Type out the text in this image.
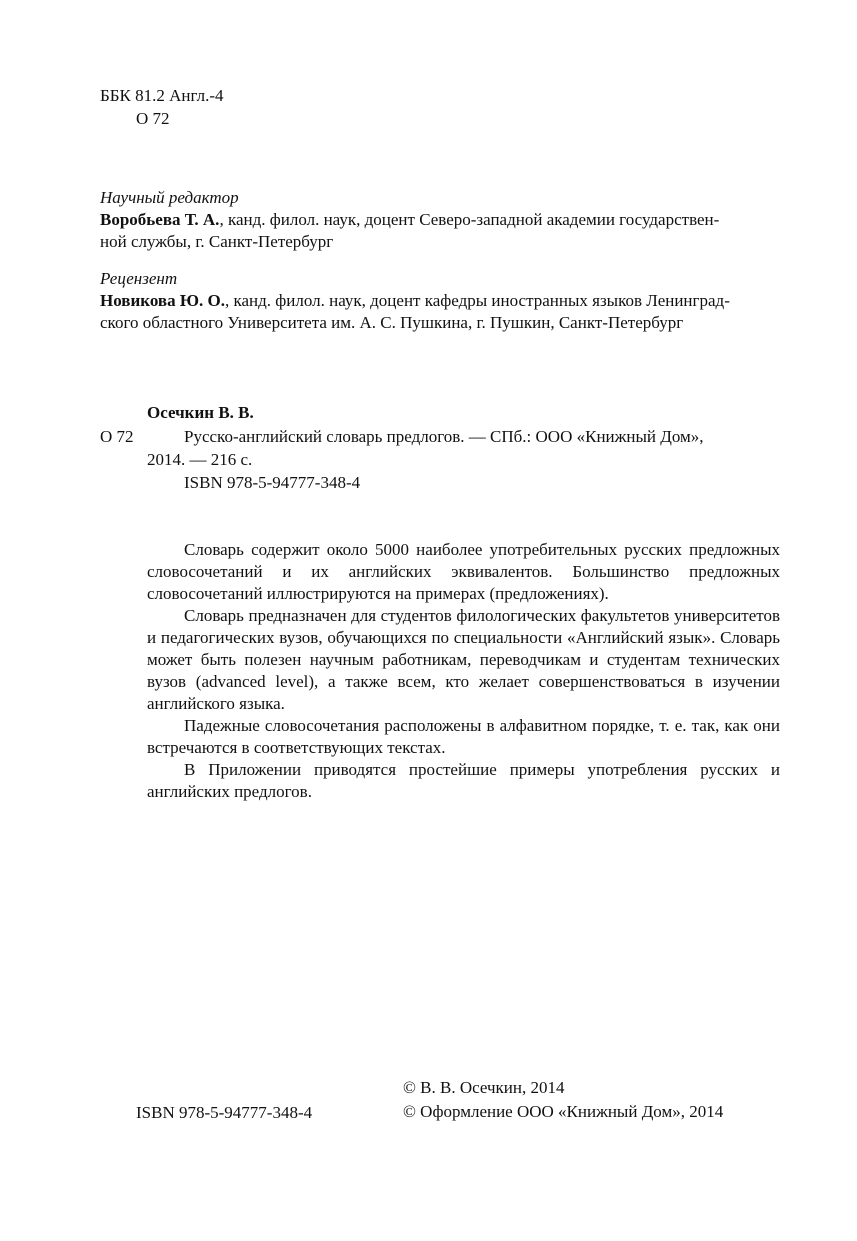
ББК 81.2 Англ.-4

О 72

Научный редактор

Воробьева Т. А., канд. филол. наук, доцент Северо-западной академии государствен-
ной службы, г. Санкт-Петербург

Рецензент

Новикова Ю. О., канд. филол. наук, доцент кафедры иностранных языков Ленинград-
ского областного Университета им. А. С. Пушкина, г. Пушкин, Санкт-Петербург

Осечкин В. В.

О 72	Русско-английский словарь предлогов. — СПб.: ООО «Книжный Дом»,

2014. — 216 с.

ISBN 978-5-94777-348-4

Словарь содержит около 5000 наиболее употребительных русских предложных словосочетаний и их английских эквивалентов. Большинство предложных словосочетаний иллюстрируются на примерах (предложениях).

Словарь предназначен для студентов филологических факультетов университетов и педагогических вузов, обучающихся по специальности «Английский язык». Словарь может быть полезен научным работникам, переводчикам и студентам технических вузов (advanced level), а также всем, кто желает совершенствоваться в изучении английского языка.

Падежные словосочетания расположены в алфавитном порядке, т. е. так, как они встречаются в соответствующих текстах.

В Приложении приводятся простейшие примеры употребления русских и английских предлогов.

ISBN 978-5-94777-348-4

© В. В. Осечкин, 2014

© Оформление ООО «Книжный Дом», 2014
